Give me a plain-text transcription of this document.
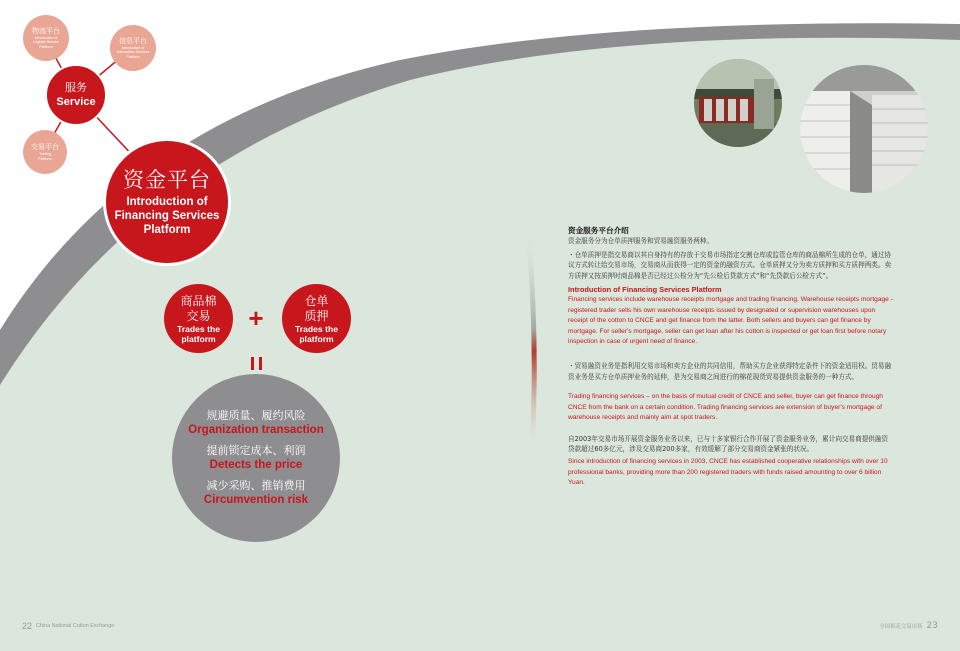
物流平台
Introduction of Logistic Service Platform
信息平台
Introduction of Information Services Platform
交易平台
Trading Platform
服务
Service
资金平台
Introduction of Financing Services Platform
商品棉
交易
Trades the platform
+
仓单
质押
Trades the platform
规避质量、履约风险
Organization transaction
提前锁定成本、利润
Detects the price
减少采购、推销费用
Circumvention risk

资金服务平台介绍

资金服务分为仓单质押服务和贸易融资服务两种。

・仓单质押是指交易商以其自身持有的存放于交易市场指定交割仓库或监管仓库的商品棉所生成的仓单，通过协议方式转让给交易市场，交易商从而获得一定的资金的融资方式。仓单质押又分为卖方质押和买方质押两类。卖方质押又按质押时商品棉是否已经过公检分为“先公检后贷款方式”和“先贷款后公检方式”。

Introduction of Financing Services Platform

Financing services include warehouse receipts mortgage and trading financing. Warehouse receipts mortgage - registered trader sells his own warehouse receipts issued by designated or supervision warehouses upon receipt of the cotton to CNCE and get finance from the latter. Both sellers and buyers can get finance by mortgage. For seller's mortgage, seller can get loan after his cotton is inspected or get loan first before notary inspection in case of urgent need of finance.

・贸易融资业务是指利用交易市场和卖方企业的共同信用，帮助买方企业获得特定条件下的资金适用权。贸易融资业务是买方仓单质押业务的延伸，是为交易商之间进行的棉花现货贸易提供资金服务的一种方式。

Trading financing services – on the basis of mutual credit of CNCE and seller, buyer can get finance through CNCE from the bank on a certain condition. Trading financing services are extension of buyer's mortgage of warehouse receipts and mainly aim at spot traders.

自2003年交易市场开展资金服务业务以来，已与十多家银行合作开展了资金服务业务，累计向交易商提供融资贷款超过60多亿元，涉及交易商200多家，有效缓解了部分交易商资金紧张的状况。

Since introduction of financing services in 2003, CNCE has established cooperative relationships with over 10 professional banks, providing more than 200 registered traders with funds raised amounting to over 6 billion Yuan.

22 China National Cotton Exchange	全国棉花交易市场 23
